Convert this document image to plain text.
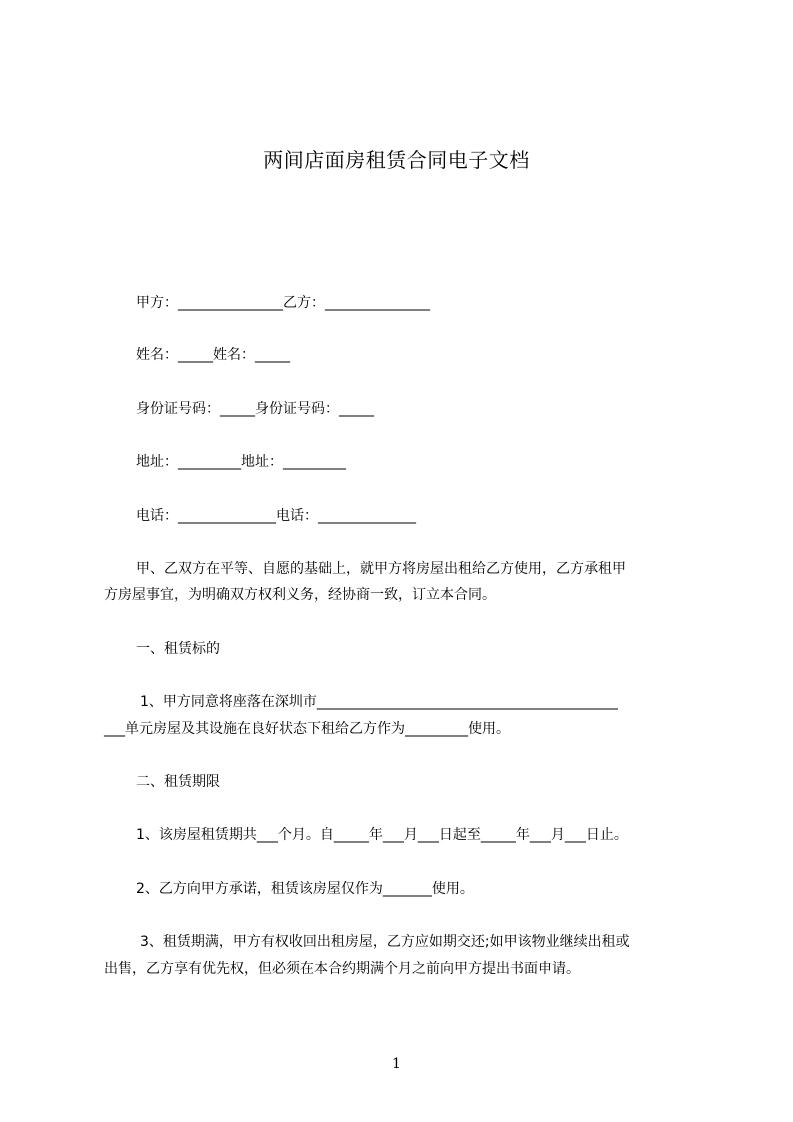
两间店面房租赁合同电子文档

甲方：_______________乙方：_______________

姓名：_____姓名：_____

身份证号码：_____身份证号码：_____

地址：_________地址：_________

电话：______________电话：______________

甲、乙双方在平等、自愿的基础上，就甲方将房屋出租给乙方使用，乙方承租甲

方房屋事宜，为明确双方权利义务，经协商一致，订立本合同。

一、租赁标的

1、甲方同意将座落在深圳市___________________________________________

___单元房屋及其设施在良好状态下租给乙方作为_________使用。

二、租赁期限

1、该房屋租赁期共___个月。自_____年___月___日起至_____年___月___日止。

2、乙方向甲方承诺，租赁该房屋仅作为_______使用。

3、租赁期满，甲方有权收回出租房屋，乙方应如期交还;如甲该物业继续出租或

出售，乙方享有优先权，但必须在本合约期满个月之前向甲方提出书面申请。

1
